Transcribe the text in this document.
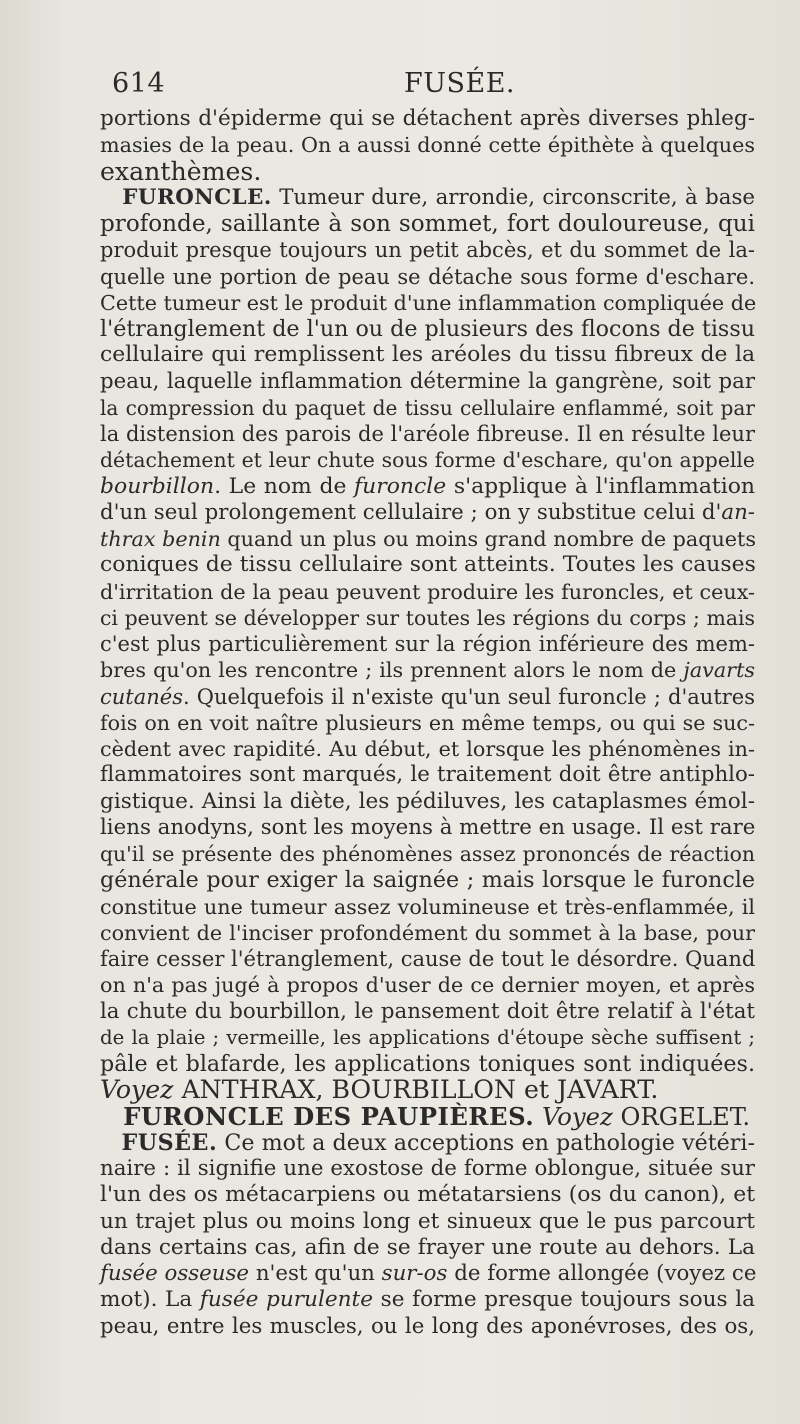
614	FUSÉE.
portions d'épiderme qui se détachent après diverses phleg-
masies de la peau. On a aussi donné cette épithète à quelques
exanthèmes.
FURONCLE. Tumeur dure, arrondie, circonscrite, à base
profonde, saillante à son sommet, fort douloureuse, qui
produit presque toujours un petit abcès, et du sommet de la-
quelle une portion de peau se détache sous forme d'eschare.
Cette tumeur est le produit d'une inflammation compliquée de
l'étranglement de l'un ou de plusieurs des flocons de tissu
cellulaire qui remplissent les aréoles du tissu fibreux de la
peau, laquelle inflammation détermine la gangrène, soit par
la compression du paquet de tissu cellulaire enflammé, soit par
la distension des parois de l'aréole fibreuse. Il en résulte leur
détachement et leur chute sous forme d'eschare, qu'on appelle
bourbillon. Le nom de furoncle s'applique à l'inflammation
d'un seul prolongement cellulaire ; on y substitue celui d'an-
thrax benin quand un plus ou moins grand nombre de paquets
coniques de tissu cellulaire sont atteints. Toutes les causes
d'irritation de la peau peuvent produire les furoncles, et ceux-
ci peuvent se développer sur toutes les régions du corps ; mais
c'est plus particulièrement sur la région inférieure des mem-
bres qu'on les rencontre ; ils prennent alors le nom de javarts
cutanés. Quelquefois il n'existe qu'un seul furoncle ; d'autres
fois on en voit naître plusieurs en même temps, ou qui se suc-
cèdent avec rapidité. Au début, et lorsque les phénomènes in-
flammatoires sont marqués, le traitement doit être antiphlo-
gistique. Ainsi la diète, les pédiluves, les cataplasmes émol-
liens anodyns, sont les moyens à mettre en usage. Il est rare
qu'il se présente des phénomènes assez prononcés de réaction
générale pour exiger la saignée ; mais lorsque le furoncle
constitue une tumeur assez volumineuse et très-enflammée, il
convient de l'inciser profondément du sommet à la base, pour
faire cesser l'étranglement, cause de tout le désordre. Quand
on n'a pas jugé à propos d'user de ce dernier moyen, et après
la chute du bourbillon, le pansement doit être relatif à l'état
de la plaie ; vermeille, les applications d'étoupe sèche suffisent ;
pâle et blafarde, les applications toniques sont indiquées.
Voyez ANTHRAX, BOURBILLON et JAVART.
FURONCLE DES PAUPIÈRES. Voyez ORGELET.
FUSÉE. Ce mot a deux acceptions en pathologie vétéri-
naire : il signifie une exostose de forme oblongue, située sur
l'un des os métacarpiens ou métatarsiens (os du canon), et
un trajet plus ou moins long et sinueux que le pus parcourt
dans certains cas, afin de se frayer une route au dehors. La
fusée osseuse n'est qu'un sur-os de forme allongée (voyez ce
mot). La fusée purulente se forme presque toujours sous la
peau, entre les muscles, ou le long des aponévroses, des os,
